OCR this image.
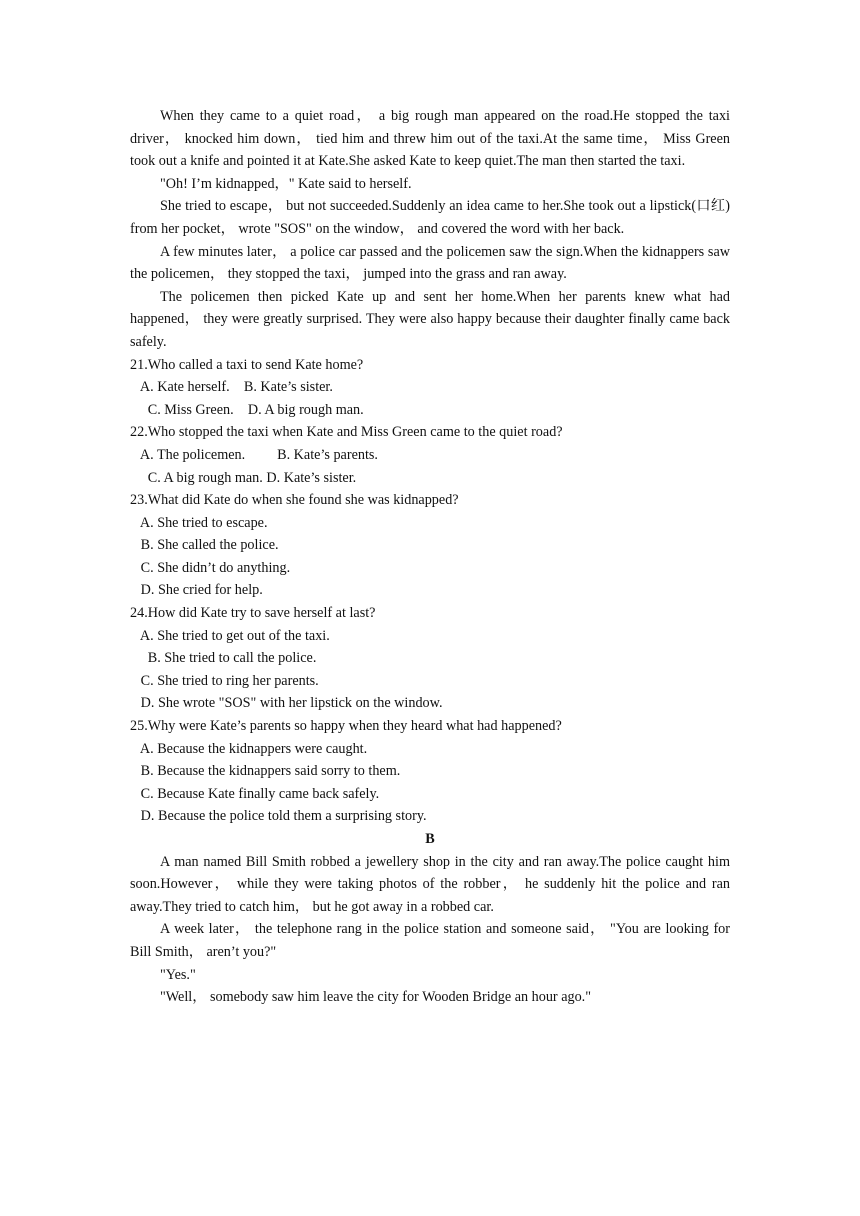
When they came to a quiet road， a big rough man appeared on the road.He stopped the taxi driver， knocked him down， tied him and threw him out of the taxi.At the same time， Miss Green took out a knife and pointed it at Kate.She asked Kate to keep quiet.The man then started the taxi.

"Oh! I’m kidnapped，" Kate said to herself.

She tried to escape， but not succeeded.Suddenly an idea came to her.She took out a lipstick(口红) from her pocket， wrote "SOS" on the window， and covered the word with her back.

A few minutes later， a police car passed and the policemen saw the sign.When the kidnappers saw the policemen， they stopped the taxi， jumped into the grass and ran away.

The policemen then picked Kate up and sent her home.When her parents knew what had happened， they were greatly surprised. They were also happy because their daughter finally came back safely.

21.Who called a taxi to send Kate home?

A. Kate herself.    B. Kate’s sister.

C. Miss Green.    D. A big rough man.

22.Who stopped the taxi when Kate and Miss Green came to the quiet road?

A. The policemen.         B. Kate’s parents.

C. A big rough man. D. Kate’s sister.

23.What did Kate do when she found she was kidnapped?

A. She tried to escape.

B. She called the police.

C. She didn’t do anything.

D. She cried for help.

24.How did Kate try to save herself at last?

A. She tried to get out of the taxi.

B. She tried to call the police.

C. She tried to ring her parents.

D. She wrote "SOS" with her lipstick on the window.

25.Why were Kate’s parents so happy when they heard what had happened?

A. Because the kidnappers were caught.

B. Because the kidnappers said sorry to them.

C. Because Kate finally came back safely.

D. Because the police told them a surprising story.

B

A man named Bill Smith robbed a jewellery shop in the city and ran away.The police caught him soon.However， while they were taking photos of the robber， he suddenly hit the police and ran away.They tried to catch him， but he got away in a robbed car.

A week later， the telephone rang in the police station and someone said， "You are looking for Bill Smith， aren’t you?"

"Yes."

"Well， somebody saw him leave the city for Wooden Bridge an hour ago."
